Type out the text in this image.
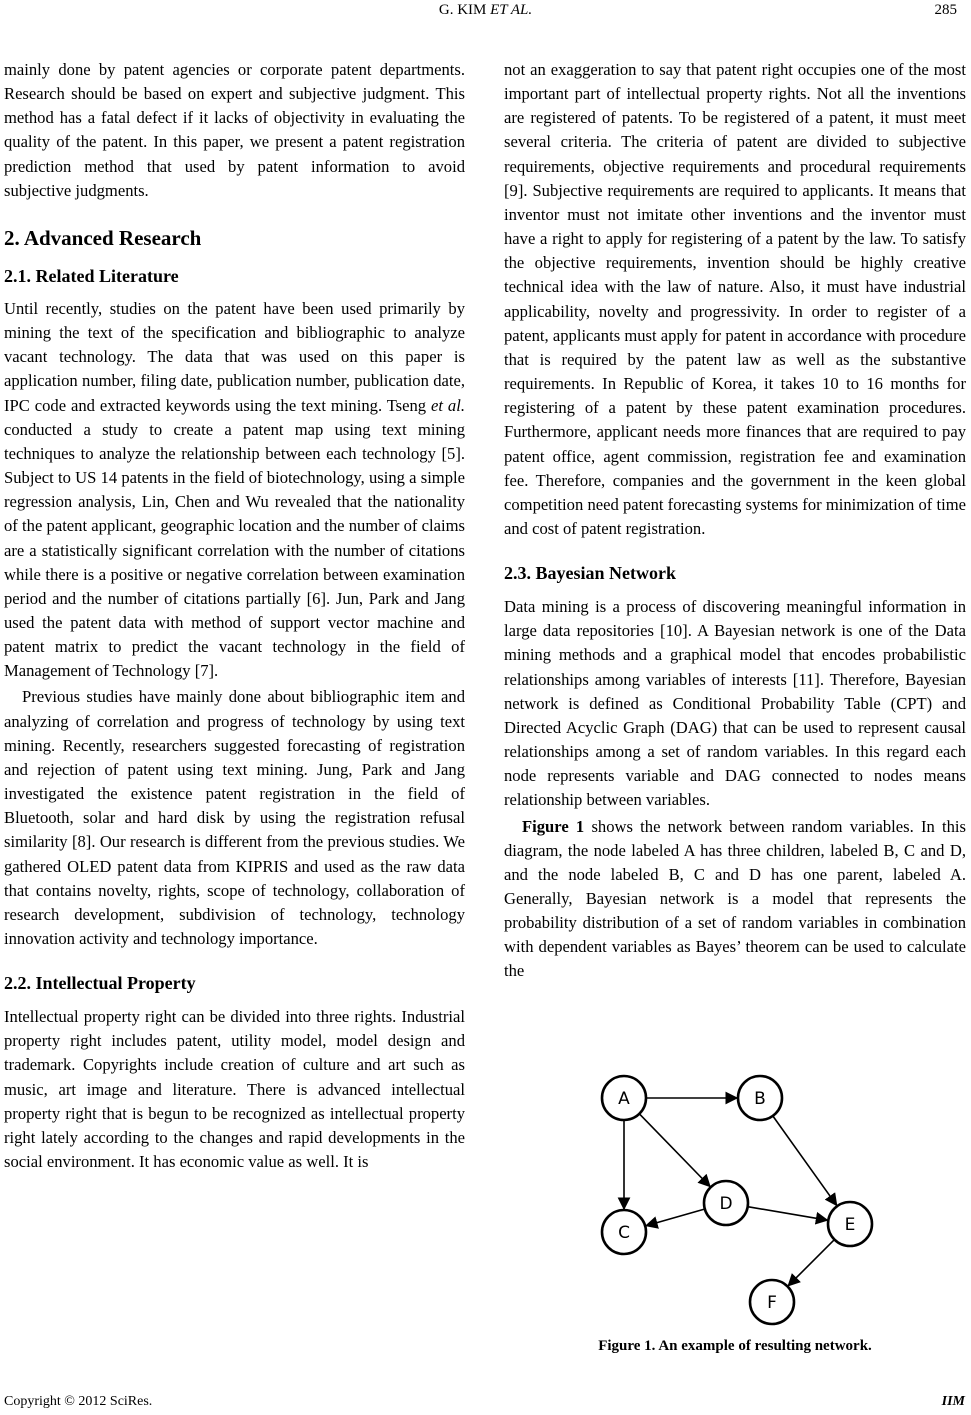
G. KIM ET AL.	285

mainly done by patent agencies or corporate patent departments. Research should be based on expert and subjective judgment. This method has a fatal defect if it lacks of objectivity in evaluating the quality of the patent. In this paper, we present a patent registration prediction method that used by patent information to avoid subjective judgments.

2. Advanced Research
2.1. Related Literature

Until recently, studies on the patent have been used primarily by mining the text of the specification and bibliographic to analyze vacant technology. The data that was used on this paper is application number, filing date, publication number, publication date, IPC code and extracted keywords using the text mining. Tseng et al. conducted a study to create a patent map using text mining techniques to analyze the relationship between each technology [5]. Subject to US 14 patents in the field of biotechnology, using a simple regression analysis, Lin, Chen and Wu revealed that the nationality of the patent applicant, geographic location and the number of claims are a statistically significant correlation with the number of citations while there is a positive or negative correlation between examination period and the number of citations partially [6]. Jun, Park and Jang used the patent data with method of support vector machine and patent matrix to predict the vacant technology in the field of Management of Technology [7].

Previous studies have mainly done about bibliographic item and analyzing of correlation and progress of technology by using text mining. Recently, researchers suggested forecasting of registration and rejection of patent using text mining. Jung, Park and Jang investigated the existence patent registration in the field of Bluetooth, solar and hard disk by using the registration refusal similarity [8]. Our research is different from the previous studies. We gathered OLED patent data from KIPRIS and used as the raw data that contains novelty, rights, scope of technology, collaboration of research development, subdivision of technology, technology innovation activity and technology importance.

2.2. Intellectual Property

Intellectual property right can be divided into three rights. Industrial property right includes patent, utility model, model design and trademark. Copyrights include creation of culture and art such as music, art image and literature. There is advanced intellectual property right that is begun to be recognized as intellectual property right lately according to the changes and rapid developments in the social environment. It has economic value as well. It is

not an exaggeration to say that patent right occupies one of the most important part of intellectual property rights. Not all the inventions are registered of patents. To be registered of a patent, it must meet several criteria. The criteria of patent are divided to subjective requirements, objective requirements and procedural requirements [9]. Subjective requirements are required to applicants. It means that inventor must not imitate other inventions and the inventor must have a right to apply for registering of a patent by the law. To satisfy the objective requirements, invention should be highly creative technical idea with the law of nature. Also, it must have industrial applicability, novelty and progressivity. In order to register of a patent, applicants must apply for patent in accordance with procedure that is required by the patent law as well as the substantive requirements. In Republic of Korea, it takes 10 to 16 months for registering of a patent by these patent examination procedures. Furthermore, applicant needs more finances that are required to pay patent office, agent commission, registration fee and examination fee. Therefore, companies and the government in the keen global competition need patent forecasting systems for minimization of time and cost of patent registration.

2.3. Bayesian Network

Data mining is a process of discovering meaningful information in large data repositories [10]. A Bayesian network is one of the Data mining methods and a graphical model that encodes probabilistic relationships among variables of interests [11]. Therefore, Bayesian network is defined as Conditional Probability Table (CPT) and Directed Acyclic Graph (DAG) that can be used to represent causal relationships among a set of random variables. In this regard each node represents variable and DAG connected to nodes means relationship between variables.

Figure 1 shows the network between random variables. In this diagram, the node labeled A has three children, labeled B, C and D, and the node labeled B, C and D has one parent, labeled A. Generally, Bayesian network is a model that represents the probability distribution of a set of random variables in combination with dependent variables as Bayes’ theorem can be used to calculate the

A	B
C
D
E
F
Figure 1. An example of resulting network.
Copyright © 2012 SciRes.	IIM
